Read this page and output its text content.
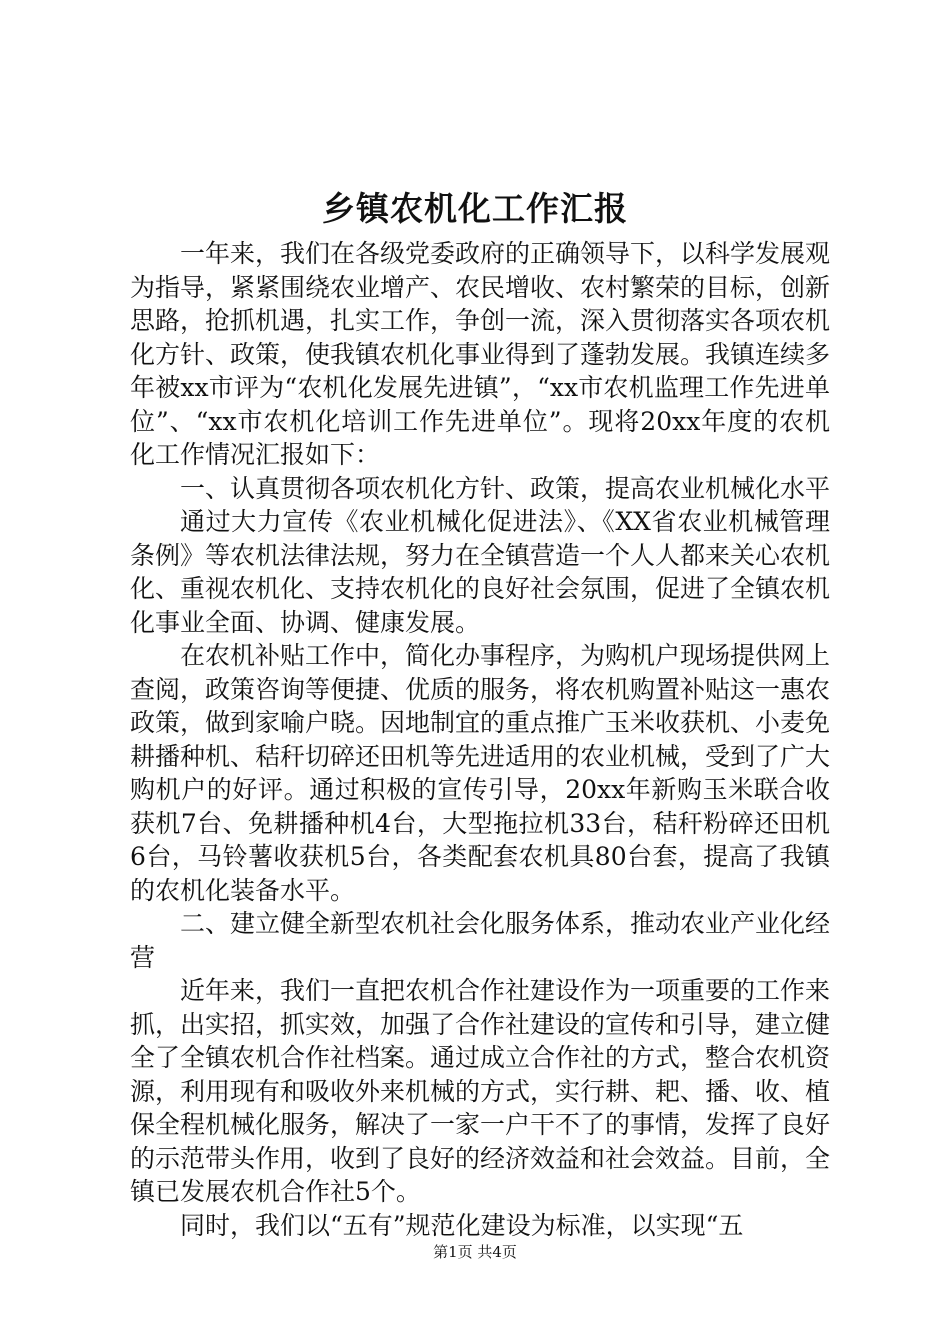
乡镇农机化工作汇报

一年来，我们在各级党委政府的正确领导下，以科学发展观为指导，紧紧围绕农业增产、农民增收、农村繁荣的目标，创新思路，抢抓机遇，扎实工作，争创一流，深入贯彻落实各项农机化方针、政策，使我镇农机化事业得到了蓬勃发展。我镇连续多年被xx市评为“农机化发展先进镇”，“xx市农机监理工作先进单位”、“xx市农机化培训工作先进单位”。现将20xx年度的农机化工作情况汇报如下：

一、认真贯彻各项农机化方针、政策，提高农业机械化水平

通过大力宣传《农业机械化促进法》、《XX省农业机械管理条例》等农机法律法规，努力在全镇营造一个人人都来关心农机化、重视农机化、支持农机化的良好社会氛围，促进了全镇农机化事业全面、协调、健康发展。

在农机补贴工作中，简化办事程序，为购机户现场提供网上查阅，政策咨询等便捷、优质的服务，将农机购置补贴这一惠农政策，做到家喻户晓。因地制宜的重点推广玉米收获机、小麦免耕播种机、秸秆切碎还田机等先进适用的农业机械，受到了广大购机户的好评。通过积极的宣传引导，20xx年新购玉米联合收获机7台、免耕播种机4台，大型拖拉机33台，秸秆粉碎还田机6台，马铃薯收获机5台，各类配套农机具80台套，提高了我镇的农机化装备水平。

二、建立健全新型农机社会化服务体系，推动农业产业化经营

近年来，我们一直把农机合作社建设作为一项重要的工作来抓，出实招，抓实效，加强了合作社建设的宣传和引导，建立健全了全镇农机合作社档案。通过成立合作社的方式，整合农机资源，利用现有和吸收外来机械的方式，实行耕、耙、播、收、植保全程机械化服务，解决了一家一户干不了的事情，发挥了良好的示范带头作用，收到了良好的经济效益和社会效益。目前，全镇已发展农机合作社5个。

同时，我们以“五有”规范化建设为标准，以实现“五

第1页 共4页
